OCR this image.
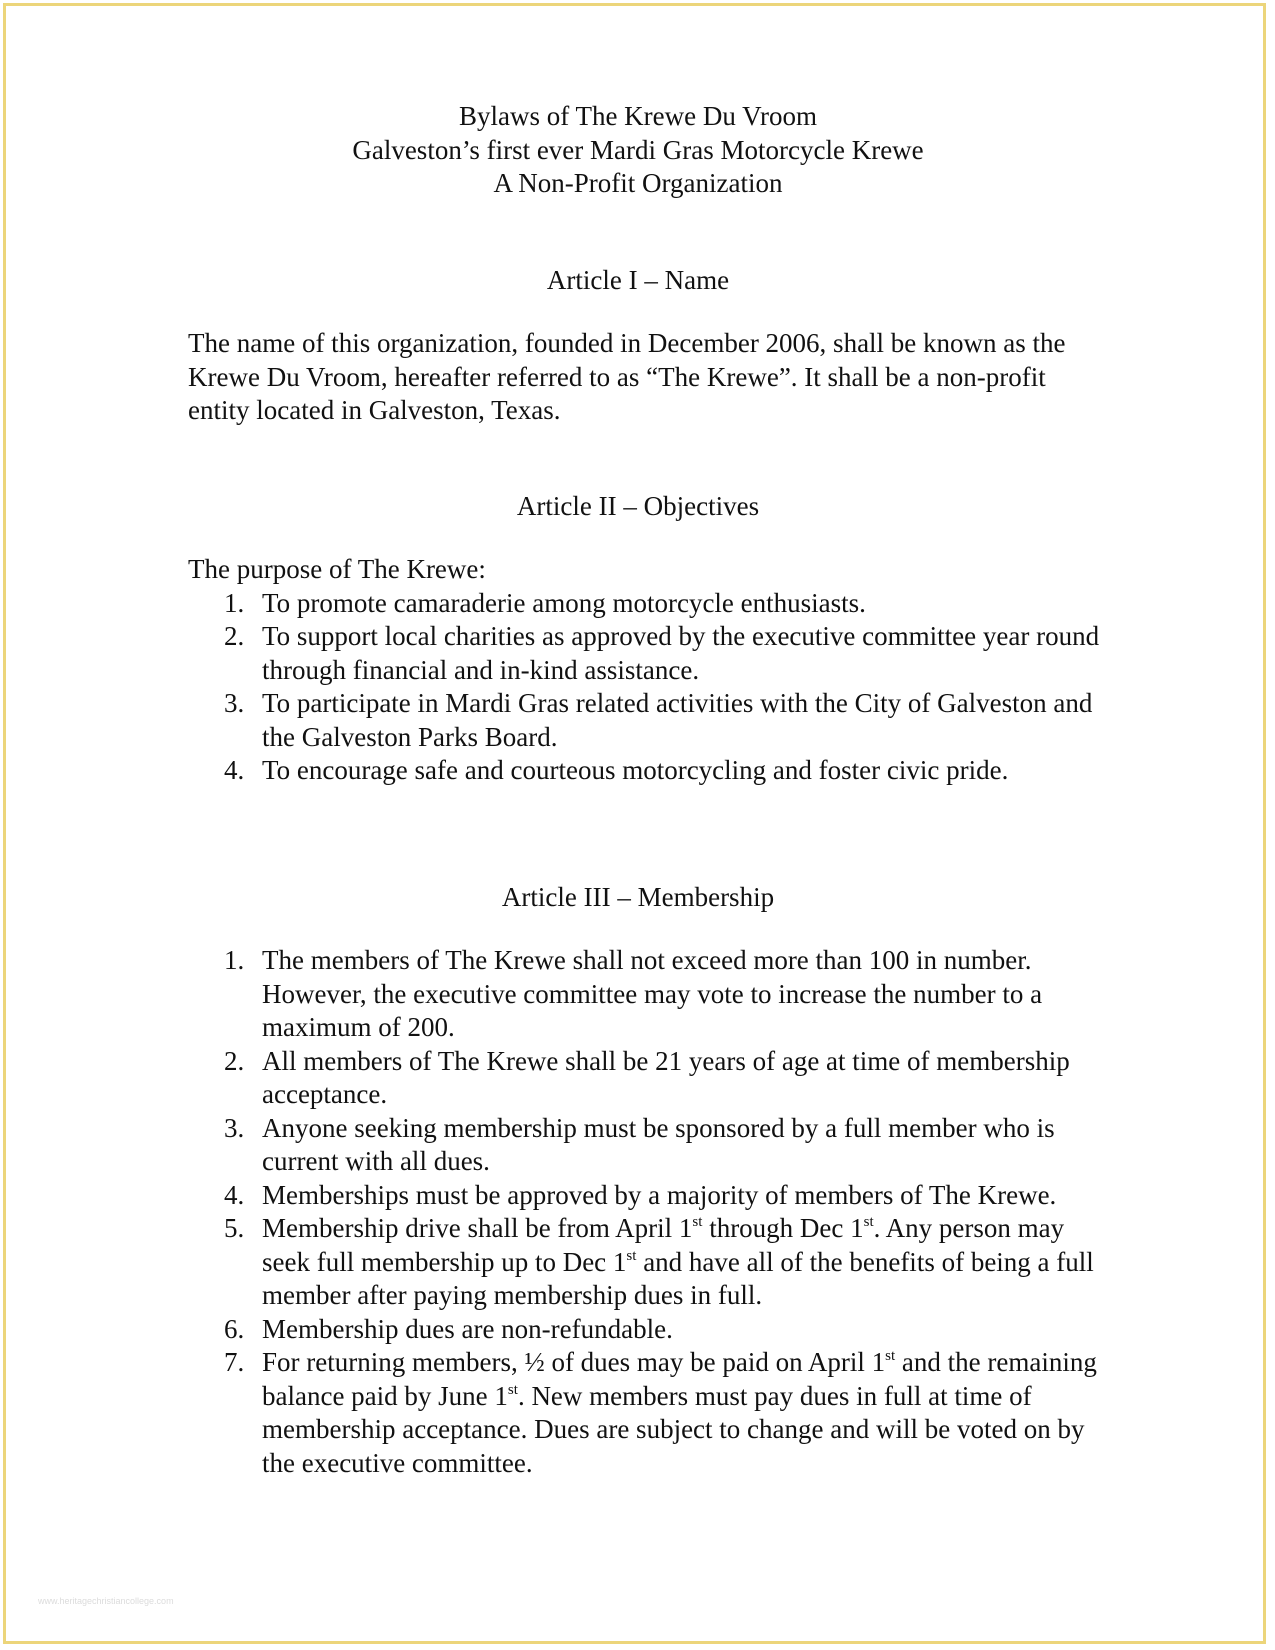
Bylaws of The Krewe Du Vroom
Galveston’s first ever Mardi Gras Motorcycle Krewe
A Non-Profit Organization
Article I – Name

The name of this organization, founded in December 2006, shall be known as the Krewe Du Vroom, hereafter referred to as “The Krewe”. It shall be a non-profit entity located in Galveston, Texas.

Article II – Objectives

The purpose of The Krewe:

1. To promote camaraderie among motorcycle enthusiasts.
2. To support local charities as approved by the executive committee year round through financial and in-kind assistance.
3. To participate in Mardi Gras related activities with the City of Galveston and the Galveston Parks Board.
4. To encourage safe and courteous motorcycling and foster civic pride.
Article III – Membership
1. The members of The Krewe shall not exceed more than 100 in number. However, the executive committee may vote to increase the number to a maximum of 200.
2. All members of The Krewe shall be 21 years of age at time of membership acceptance.
3. Anyone seeking membership must be sponsored by a full member who is current with all dues.
4. Memberships must be approved by a majority of members of The Krewe.
5. Membership drive shall be from April 1st through Dec 1st. Any person may seek full membership up to Dec 1st and have all of the benefits of being a full member after paying membership dues in full.
6. Membership dues are non-refundable.
7. For returning members, ½ of dues may be paid on April 1st and the remaining balance paid by June 1st. New members must pay dues in full at time of membership acceptance. Dues are subject to change and will be voted on by the executive committee.
www.heritagechristiancollege.com
